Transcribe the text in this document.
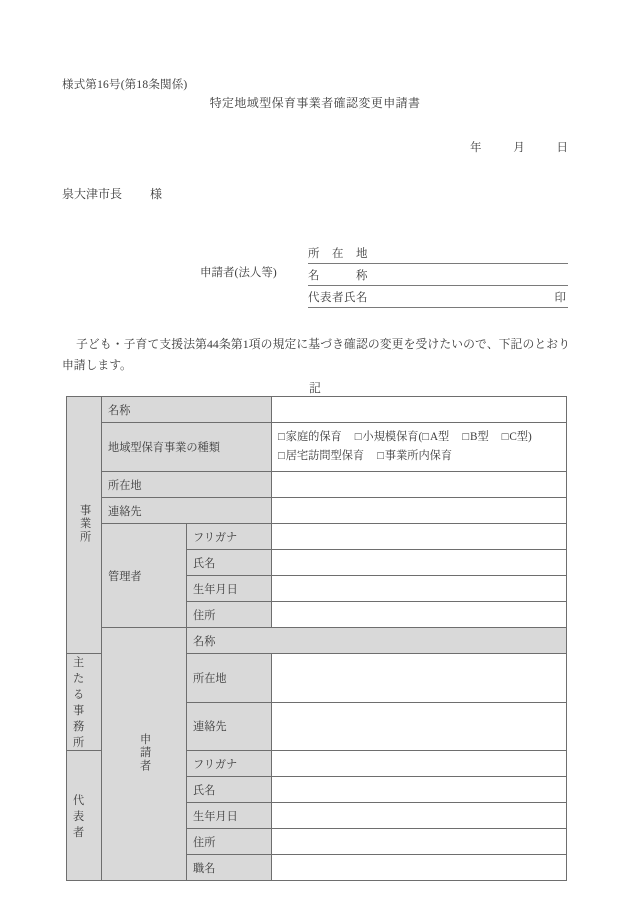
様式第16号(第18条関係)
特定地域型保育事業者確認変更申請書
年	月	日
泉大津市長 様
申請者(法人等)
所　在　地
名　　　称
代表者氏名	印
子ども・子育て支援法第44条第1項の規定に基づき確認の変更を受けたいので、下記のとおり申請します。
記
事業所	名称			
	地域型保育事業の種類		□家庭的保育 □小規模保育(□A型 □B型 □C型)
□居宅訪問型保育 □事業所内保育	

	所在地			
	連絡先			
	管理者	フリガナ		
		氏名		
		生年月日		
		住所		
	申請者	名称		
主たる事務所		所在地		
		連絡先		
代表者		フリガナ		
		氏名		
		生年月日		
		住所		
		職名		
